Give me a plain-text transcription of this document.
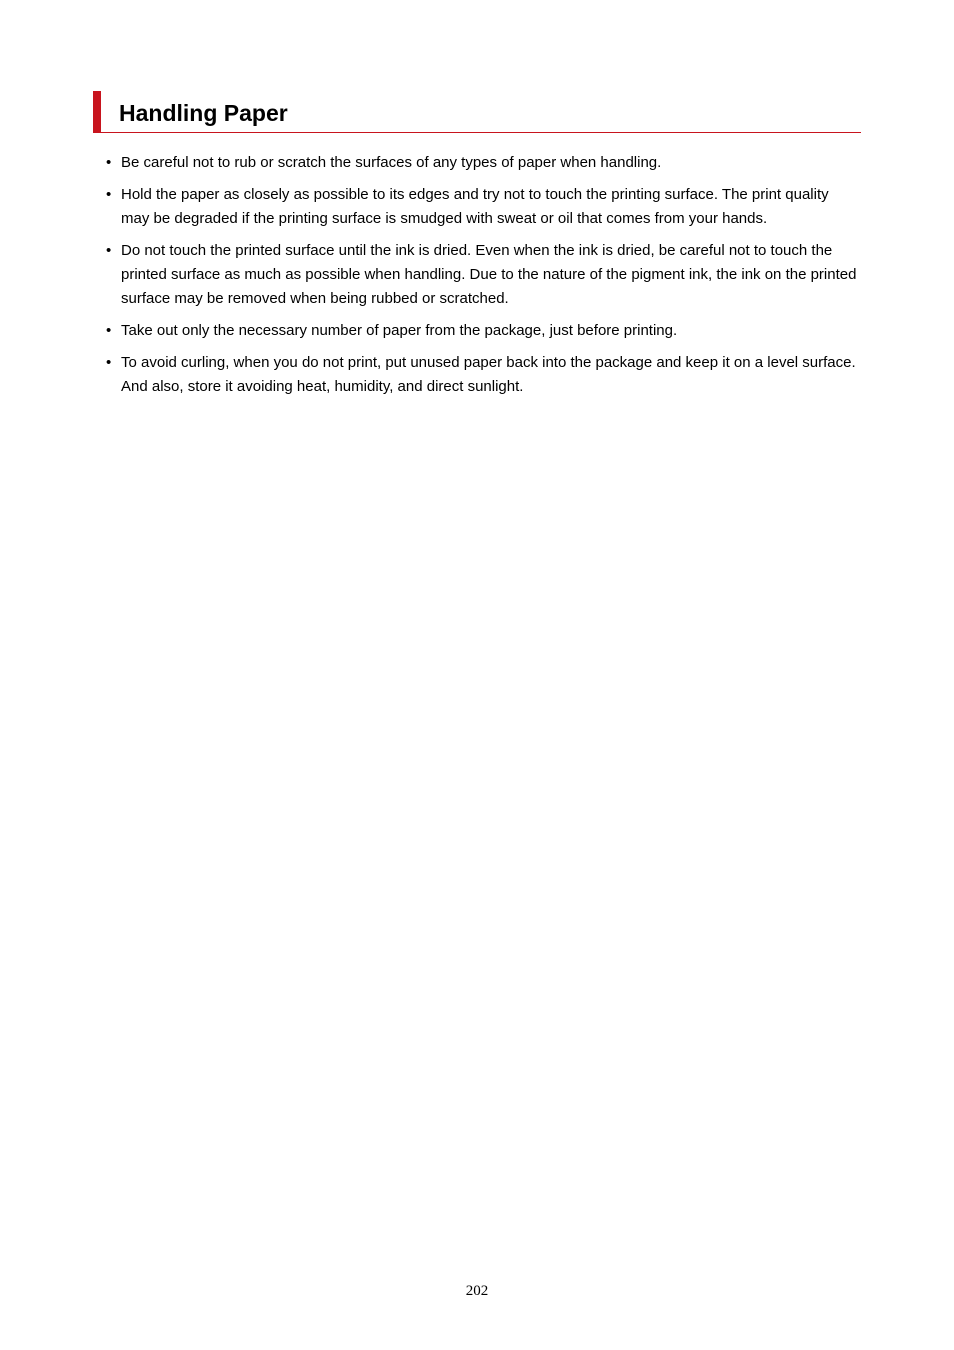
Handling Paper
• Be careful not to rub or scratch the surfaces of any types of paper when handling.
• Hold the paper as closely as possible to its edges and try not to touch the printing surface. The print quality may be degraded if the printing surface is smudged with sweat or oil that comes from your hands.
• Do not touch the printed surface until the ink is dried. Even when the ink is dried, be careful not to touch the printed surface as much as possible when handling. Due to the nature of the pigment ink, the ink on the printed surface may be removed when being rubbed or scratched.
• Take out only the necessary number of paper from the package, just before printing.
• To avoid curling, when you do not print, put unused paper back into the package and keep it on a level surface. And also, store it avoiding heat, humidity, and direct sunlight.
202
